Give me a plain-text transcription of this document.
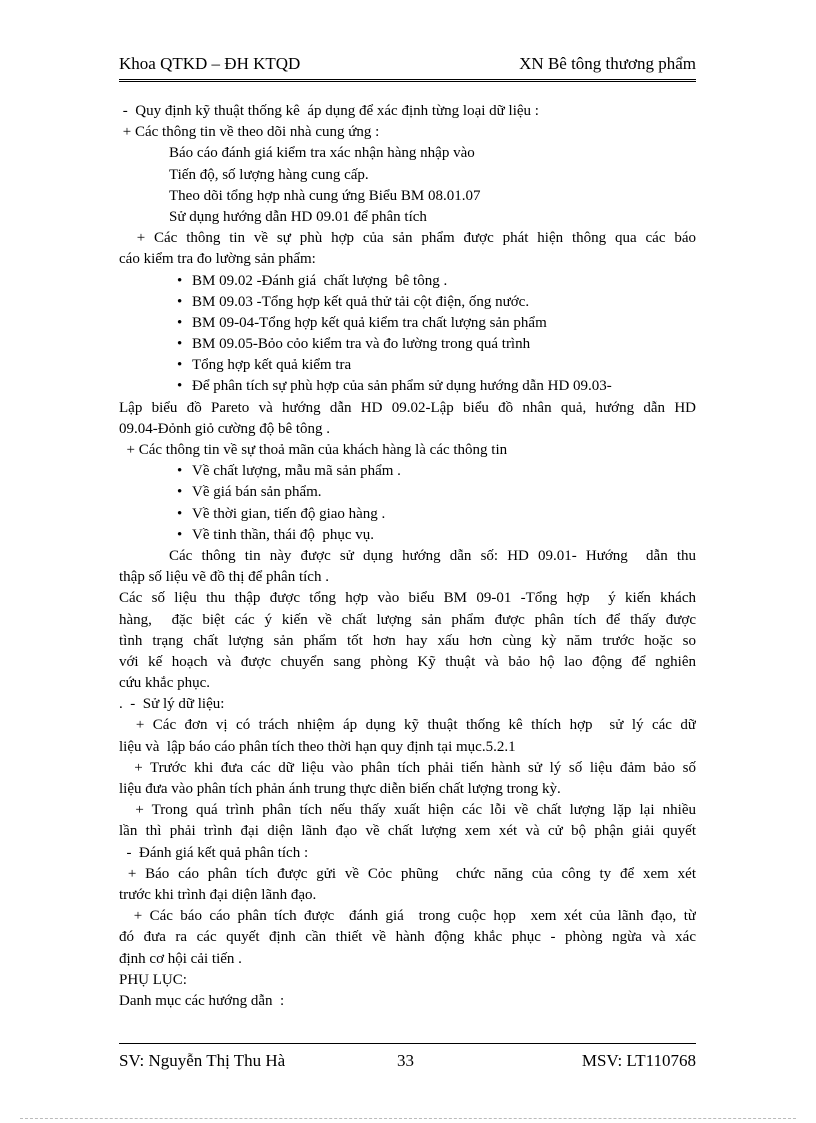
Khoa QTKD – ĐH KTQD	XN Bê tông thương phẩm
-  Quy định kỹ thuật thống kê  áp dụng để xác định từng loại dữ liệu :
+ Các thông tin về theo dõi nhà cung ứng :
Báo cáo đánh giá kiểm tra xác nhận hàng nhập vào
Tiến độ, số lượng hàng cung cấp.
Theo dõi tổng hợp nhà cung ứng Biểu BM 08.01.07
Sử dụng hướng dẫn HD 09.01 để phân tích
+ Các thông tin về sự phù hợp của sản phẩm được phát hiện thông qua các báo
cáo kiểm tra đo lường sản phẩm:
• BM 09.02 -Đánh giá  chất lượng  bê tông .
• BM 09.03 -Tổng hợp kết quả thử tải cột điện, ống nước.
• BM 09-04-Tổng hợp kết quả kiểm tra chất lượng sản phẩm
• BM 09.05-Bỏo cỏo kiểm tra và đo lường trong quá trình
• Tổng hợp kết quả kiểm tra
• Để phân tích sự phù hợp của sản phẩm sử dụng hướng dẫn HD 09.03-
Lập biểu đồ Pareto và hướng dẫn HD 09.02-Lập biểu đồ nhân quả, hướng dẫn HD
09.04-Đỏnh giỏ cường độ bê tông .
+ Các thông tin về sự thoả mãn của khách hàng là các thông tin
• Về chất lượng, mẫu mã sản phẩm .
• Về giá bán sản phẩm.
• Về thời gian, tiến độ giao hàng .
• Về tinh thần, thái độ  phục vụ.
Các thông tin này được sử dụng hướng dẫn số: HD 09.01- Hướng  dẫn thu
thập số liệu vẽ đồ thị để phân tích .
Các số liệu thu thập được tổng hợp vào biểu BM 09-01 -Tổng hợp  ý kiến khách
hàng,  đặc biệt các ý kiến về chất lượng sản phẩm được phân tích để thấy được
tình trạng chất lượng sản phẩm tốt hơn hay xấu hơn cùng kỳ năm trước hoặc so
với kế hoạch và được chuyển sang phòng Kỹ thuật và bảo hộ lao động để nghiên
cứu khắc phục.
.  -  Sử lý dữ liệu:
+ Các đơn vị có trách nhiệm áp dụng kỹ thuật thống kê thích hợp  sử lý các dữ
liệu và  lập báo cáo phân tích theo thời hạn quy định tại mục.5.2.1
+ Trước khi đưa các dữ liệu vào phân tích phải tiến hành sử lý số liệu đảm bảo số
liệu đưa vào phân tích phản ánh trung thực diễn biến chất lượng trong kỳ.
+ Trong quá trình phân tích nếu thấy xuất hiện các lỗi về chất lượng lặp lại nhiều
lần thì phải trình đại diện lãnh đạo về chất lượng xem xét và cử bộ phận giải quyết
-  Đánh giá kết quả phân tích :
+ Báo cáo phân tích được gửi về Cỏc phũng  chức năng của công ty để xem xét
trước khi trình đại diện lãnh đạo.
+ Các báo cáo phân tích được  đánh giá  trong cuộc họp  xem xét của lãnh đạo, từ
đó đưa ra các quyết định cần thiết về hành động khắc phục - phòng ngừa và xác
định cơ hội cải tiến .
PHỤ LỤC:
Danh mục các hướng dẫn  :
SV: Nguyễn Thị Thu Hà	33	MSV: LT110768
